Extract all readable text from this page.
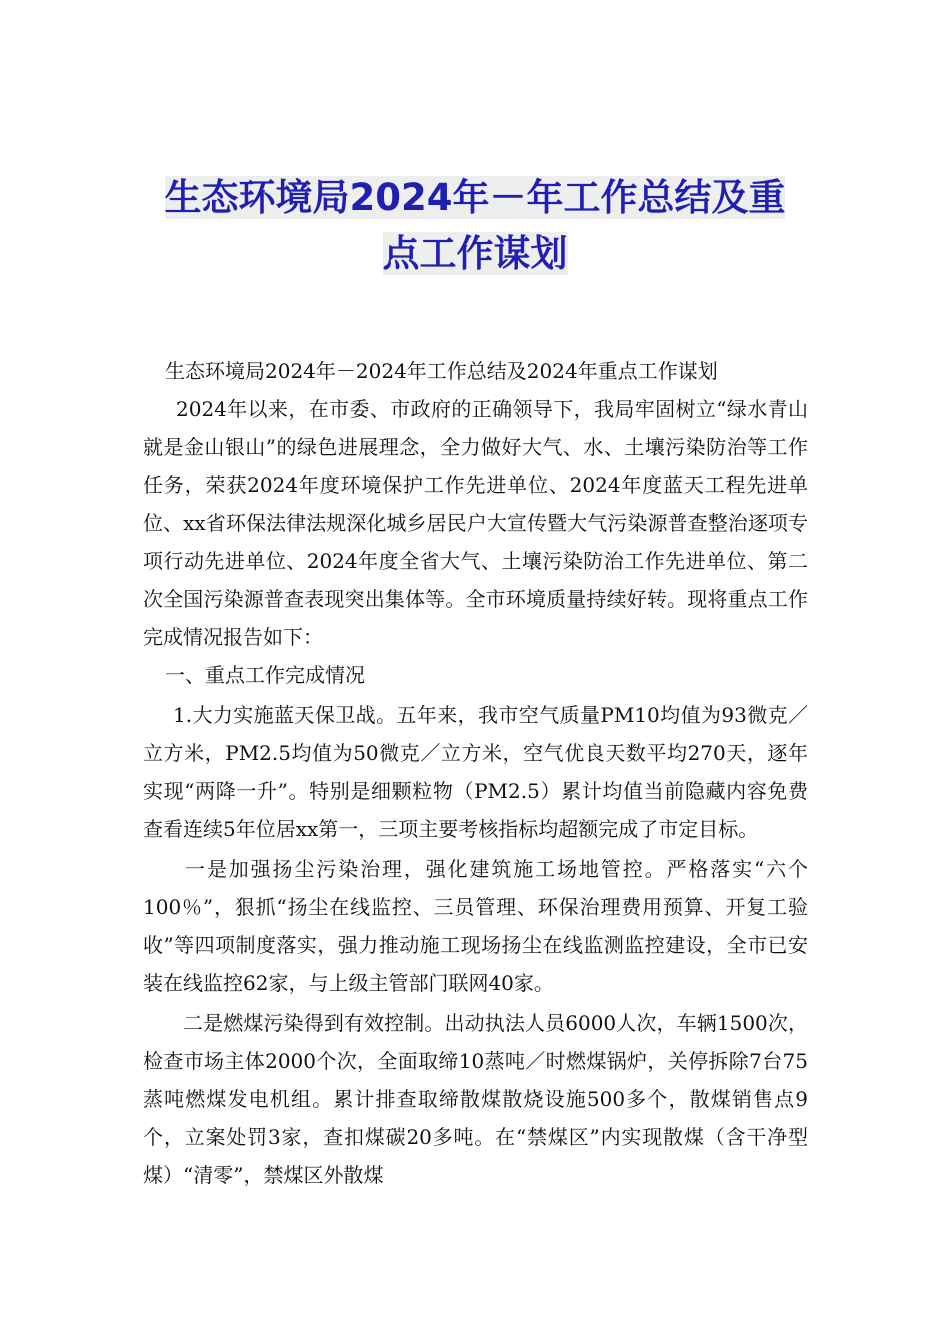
生态环境局2024年－年工作总结及重
点工作谋划

生态环境局2024年－2024年工作总结及2024年重点工作谋划

2024年以来，在市委、市政府的正确领导下，我局牢固树立“绿水青山就是金山银山”的绿色进展理念，全力做好大气、水、土壤污染防治等工作任务，荣获2024年度环境保护工作先进单位、2024年度蓝天工程先进单位、xx省环保法律法规深化城乡居民户大宣传暨大气污染源普查整治逐项专项行动先进单位、2024年度全省大气、土壤污染防治工作先进单位、第二次全国污染源普查表现突出集体等。全市环境质量持续好转。现将重点工作完成情况报告如下：

一、重点工作完成情况

1.大力实施蓝天保卫战。五年来，我市空气质量PM10均值为93微克／立方米，PM2.5均值为50微克／立方米，空气优良天数平均270天，逐年实现“两降一升”。特别是细颗粒物（PM2.5）累计均值当前隐藏内容免费查看连续5年位居xx第一，三项主要考核指标均超额完成了市定目标。

一是加强扬尘污染治理，强化建筑施工场地管控。严格落实“六个100％”，狠抓“扬尘在线监控、三员管理、环保治理费用预算、开复工验收”等四项制度落实，强力推动施工现场扬尘在线监测监控建设，全市已安装在线监控62家，与上级主管部门联网40家。

二是燃煤污染得到有效控制。出动执法人员6000人次，车辆1500次，检查市场主体2000个次，全面取缔10蒸吨／时燃煤锅炉，关停拆除7台75蒸吨燃煤发电机组。累计排查取缔散煤散烧设施500多个，散煤销售点9个，立案处罚3家，查扣煤碳20多吨。在“禁煤区”内实现散煤（含干净型煤）“清零”，禁煤区外散煤
